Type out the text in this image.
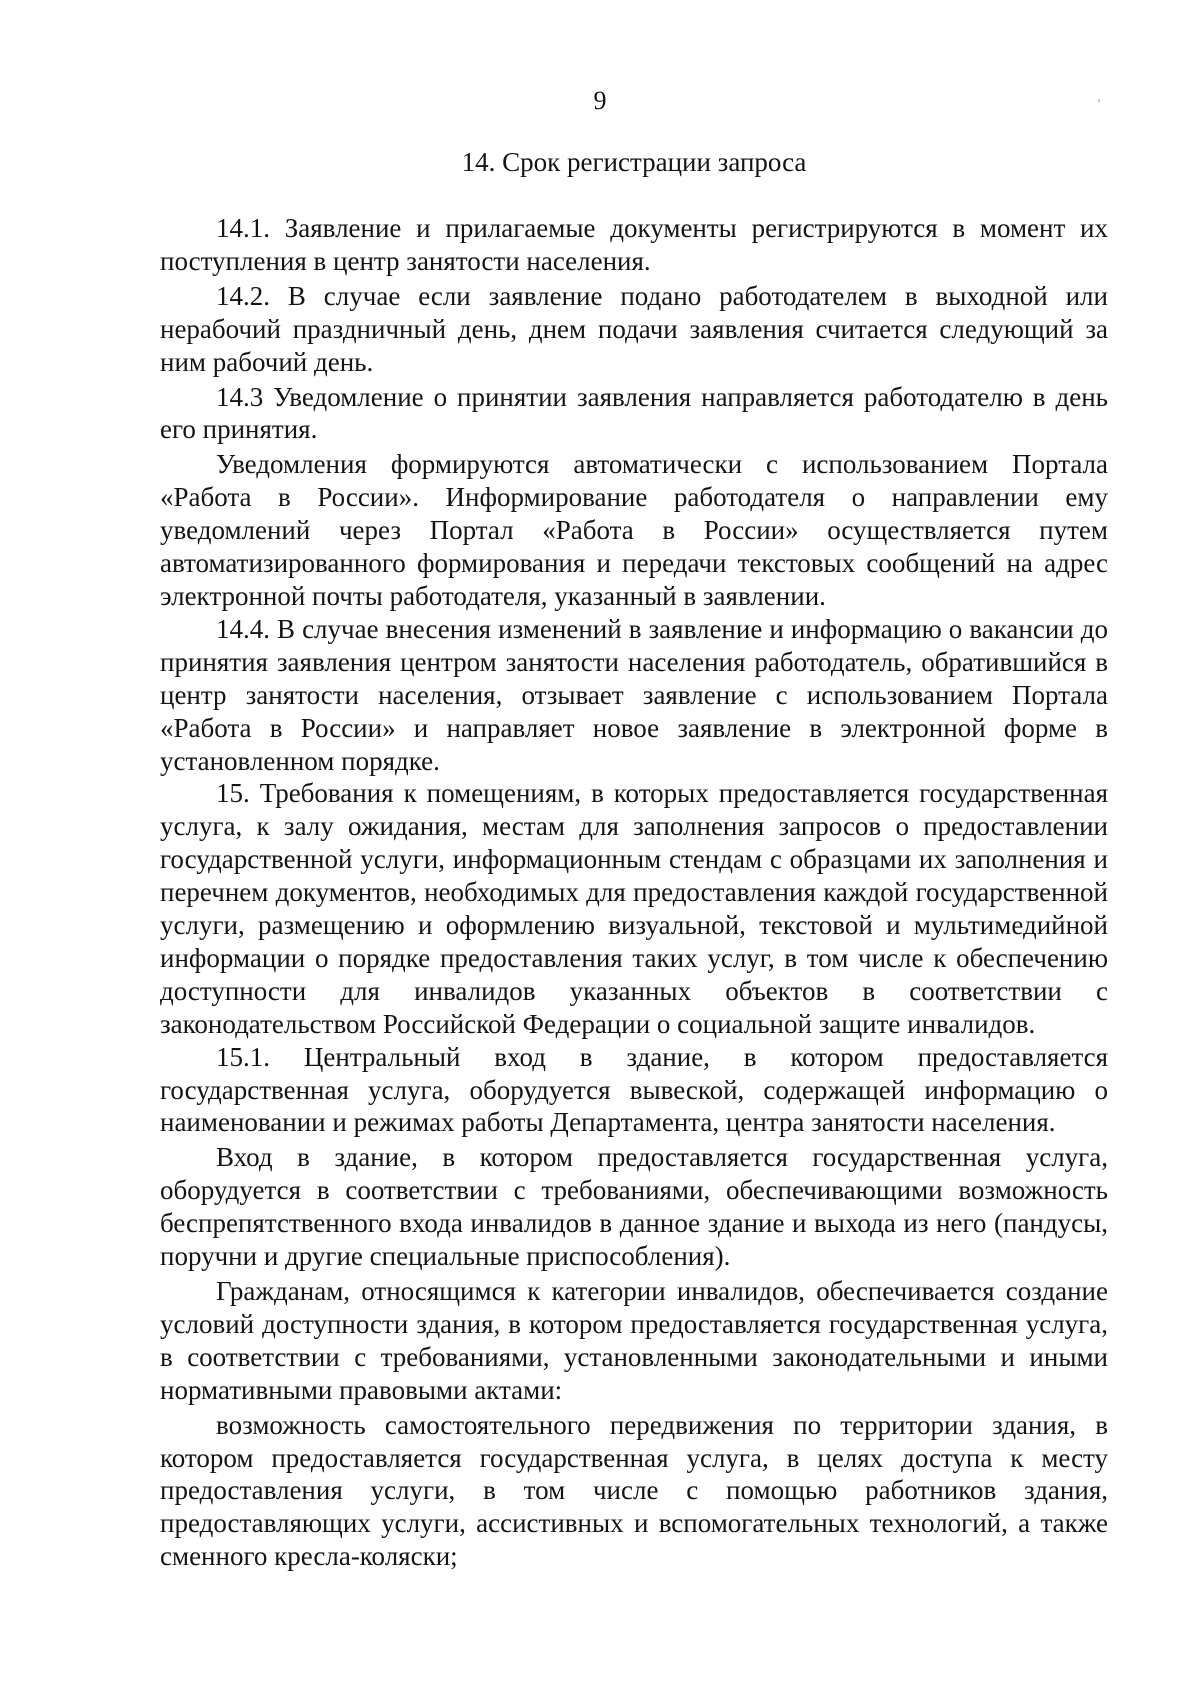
9	'
14. Срок регистрации запроса

14.1. Заявление и прилагаемые документы регистрируются в момент их поступления в центр занятости населения.

14.2. В случае если заявление подано работодателем в выходной или нерабочий праздничный день, днем подачи заявления считается следующий за ним рабочий день.

14.3 Уведомление о принятии заявления направляется работодателю в день его принятия.

Уведомления формируются автоматически с использованием Портала «Работа в России». Информирование работодателя о направлении ему уведомлений через Портал «Работа в России» осуществляется путем автоматизированного формирования и передачи текстовых сообщений на адрес электронной почты работодателя, указанный в заявлении.

14.4. В случае внесения изменений в заявление и информацию о вакансии до принятия заявления центром занятости населения работодатель, обратившийся в центр занятости населения, отзывает заявление с использованием Портала «Работа в России» и направляет новое заявление в электронной форме в установленном порядке.

15. Требования к помещениям, в которых предоставляется государственная услуга, к залу ожидания, местам для заполнения запросов о предоставлении государственной услуги, информационным стендам с образцами их заполнения и перечнем документов, необходимых для предоставления каждой государственной услуги, размещению и оформлению визуальной, текстовой и мультимедийной информации о порядке предоставления таких услуг, в том числе к обеспечению доступности для инвалидов указанных объектов в соответствии с законодательством Российской Федерации о социальной защите инвалидов.

15.1. Центральный вход в здание, в котором предоставляется государственная услуга, оборудуется вывеской, содержащей информацию о наименовании и режимах работы Департамента, центра занятости населения.

Вход в здание, в котором предоставляется государственная услуга, оборудуется в соответствии с требованиями, обеспечивающими возможность беспрепятственного входа инвалидов в данное здание и выхода из него (пандусы, поручни и другие специальные приспособления).

Гражданам, относящимся к категории инвалидов, обеспечивается создание условий доступности здания, в котором предоставляется государственная услуга, в соответствии с требованиями, установленными законодательными и иными нормативными правовыми актами:

возможность самостоятельного передвижения по территории здания, в котором предоставляется государственная услуга, в целях доступа к месту предоставления услуги, в том числе с помощью работников здания, предоставляющих услуги, ассистивных и вспомогательных технологий, а также сменного кресла-коляски;
